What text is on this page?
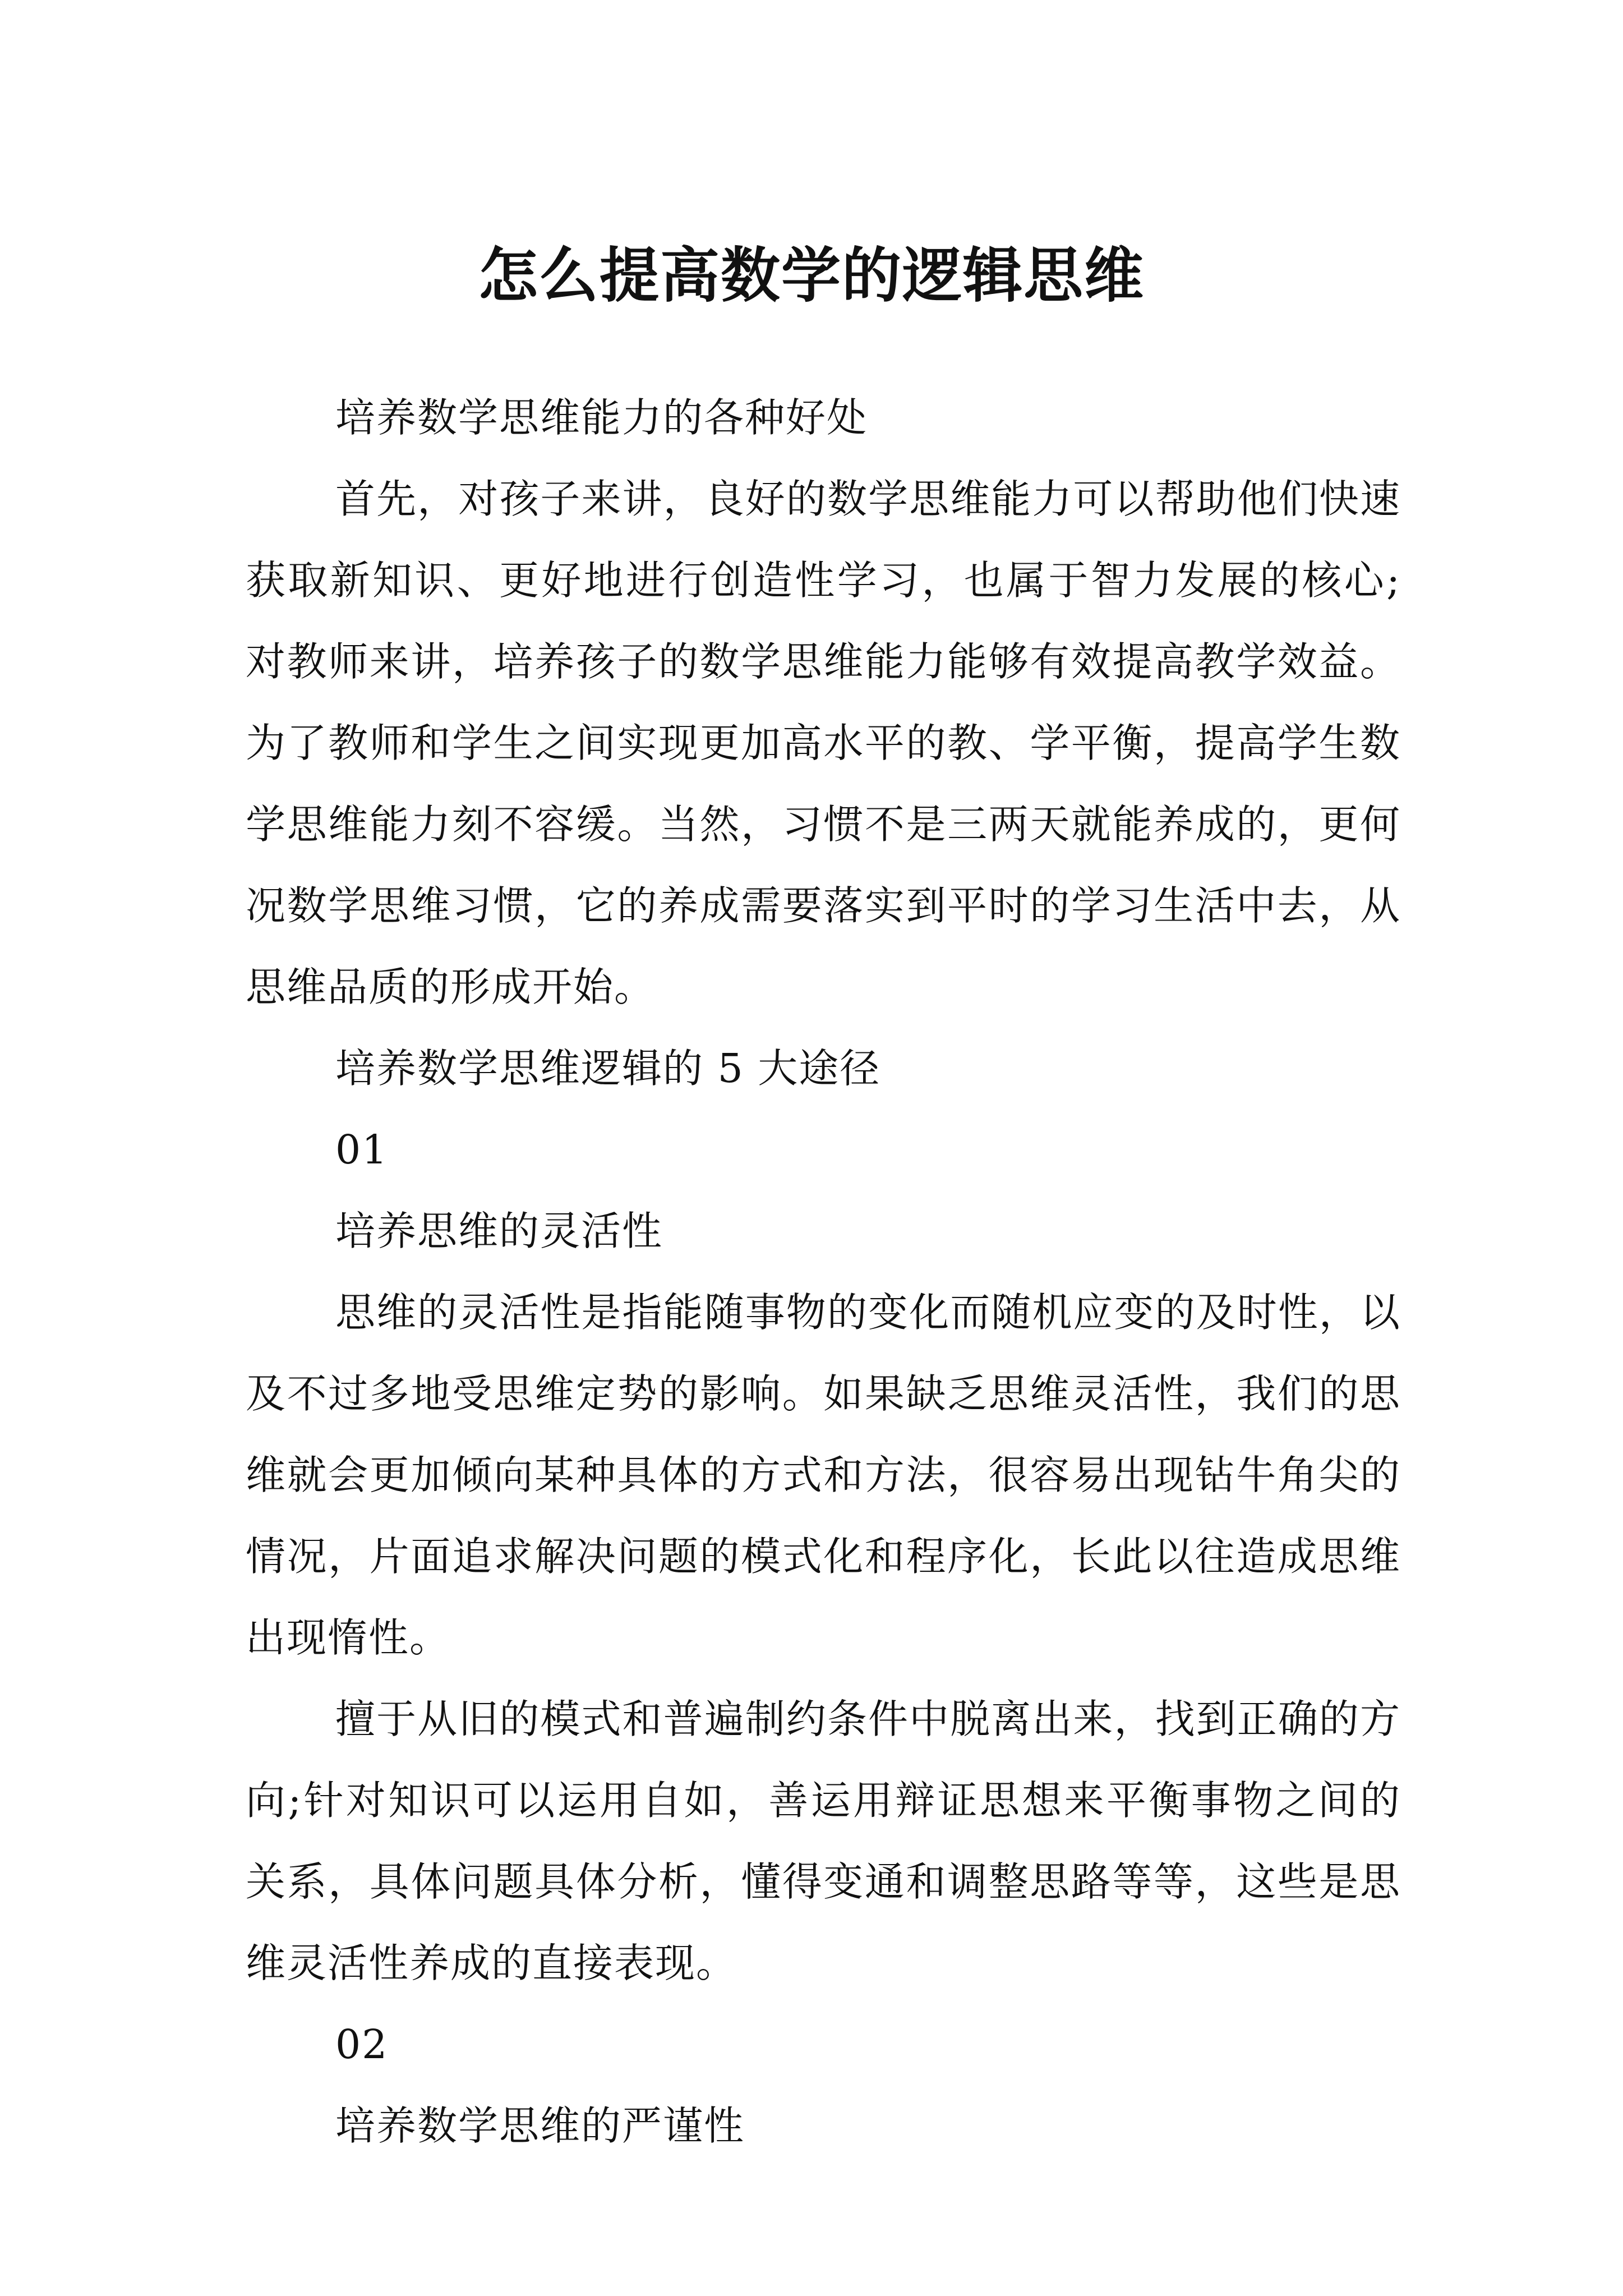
怎么提高数学的逻辑思维

培养数学思维能力的各种好处

首先，对孩子来讲，良好的数学思维能力可以帮助他们快速获取新知识、更好地进行创造性学习，也属于智力发展的核心;对教师来讲，培养孩子的数学思维能力能够有效提高教学效益。为了教师和学生之间实现更加高水平的教、学平衡，提高学生数学思维能力刻不容缓。当然，习惯不是三两天就能养成的，更何况数学思维习惯，它的养成需要落实到平时的学习生活中去，从思维品质的形成开始。

培养数学思维逻辑的 5 大途径

01

培养思维的灵活性

思维的灵活性是指能随事物的变化而随机应变的及时性，以及不过多地受思维定势的影响。如果缺乏思维灵活性，我们的思维就会更加倾向某种具体的方式和方法，很容易出现钻牛角尖的情况，片面追求解决问题的模式化和程序化，长此以往造成思维出现惰性。

擅于从旧的模式和普遍制约条件中脱离出来，找到正确的方向;针对知识可以运用自如，善运用辩证思想来平衡事物之间的关系，具体问题具体分析，懂得变通和调整思路等等，这些是思维灵活性养成的直接表现。

02

培养数学思维的严谨性
